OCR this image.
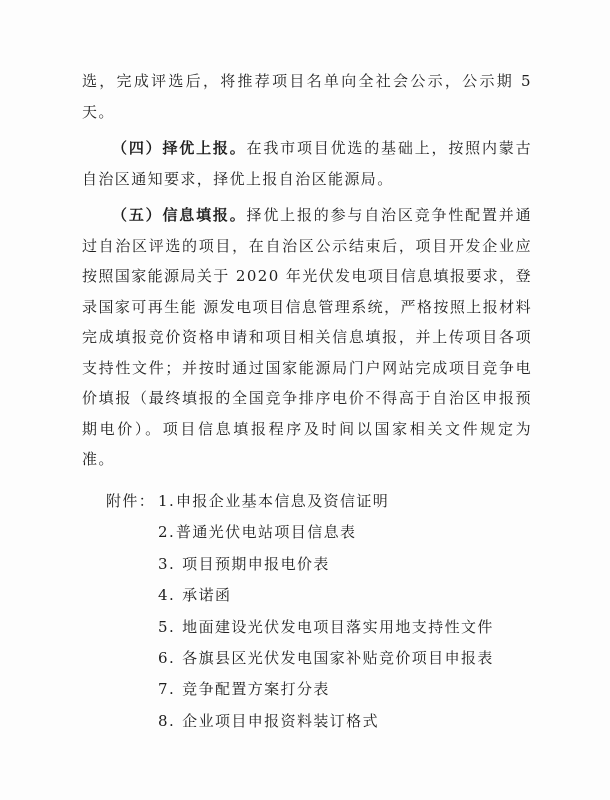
选，完成评选后，将推荐项目名单向全社会公示，公示期 5 天。

（四）择优上报。在我市项目优选的基础上，按照内蒙古自治区通知要求，择优上报自治区能源局。

（五）信息填报。择优上报的参与自治区竞争性配置并通过自治区评选的项目，在自治区公示结束后，项目开发企业应按照国家能源局关于 2020 年光伏发电项目信息填报要求，登录国家可再生能 源发电项目信息管理系统，严格按照上报材料完成填报竞价资格申请和项目相关信息填报，并上传项目各项支持性文件；并按时通过国家能源局门户网站完成项目竞争电价填报（最终填报的全国竞争排序电价不得高于自治区申报预期电价）。项目信息填报程序及时间以国家相关文件规定为准。

附件： 1.申报企业基本信息及资信证明
2.普通光伏电站项目信息表
3. 项目预期申报电价表
4. 承诺函
5. 地面建设光伏发电项目落实用地支持性文件
6. 各旗县区光伏发电国家补贴竞价项目申报表
7. 竞争配置方案打分表
8. 企业项目申报资料装订格式
